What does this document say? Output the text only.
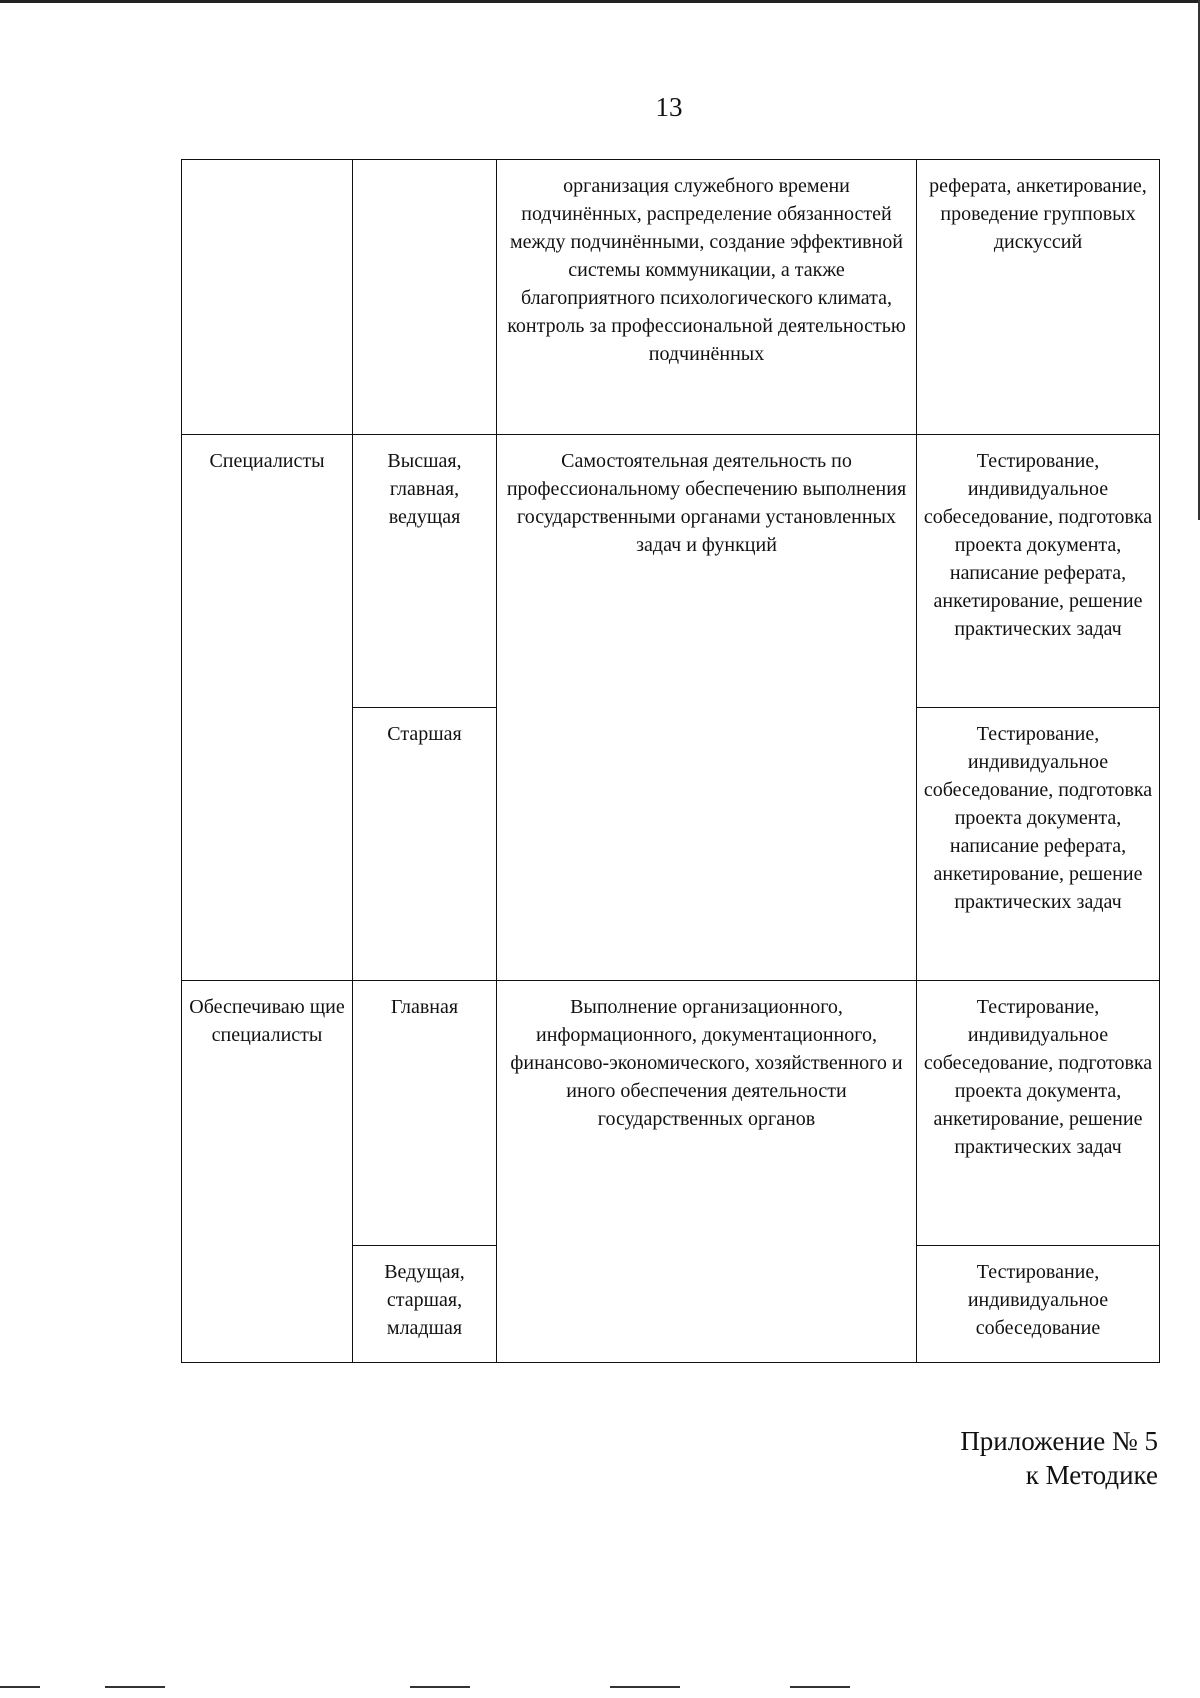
13
		организация служебного времени подчинённых, распределение обязанностей между подчинёнными, создание эффективной системы коммуникации, а также благоприятного психологического климата, контроль за профессиональной деятельностью подчинённых	реферата, анкетирование, проведение групповых дискуссий
Специалисты	Высшая, главная, ведущая	Самостоятельная деятельность по профессиональному обеспечению выполнения государственными органами установленных задач и функций	Тестирование, индивидуальное собеседование, подготовка проекта документа, написание реферата, анкетирование, решение практических задач
	Старшая		Тестирование, индивидуальное собеседование, подготовка проекта документа, написание реферата, анкетирование, решение практических задач
Обеспечиваю щие специалисты	Главная	Выполнение организационного, информационного, документационного, финансово-экономического, хозяйственного и иного обеспечения деятельности государственных органов	Тестирование, индивидуальное собеседование, подготовка проекта документа, анкетирование, решение практических задач
	Ведущая, старшая, младшая		Тестирование, индивидуальное собеседование
Приложение № 5
к Методике
